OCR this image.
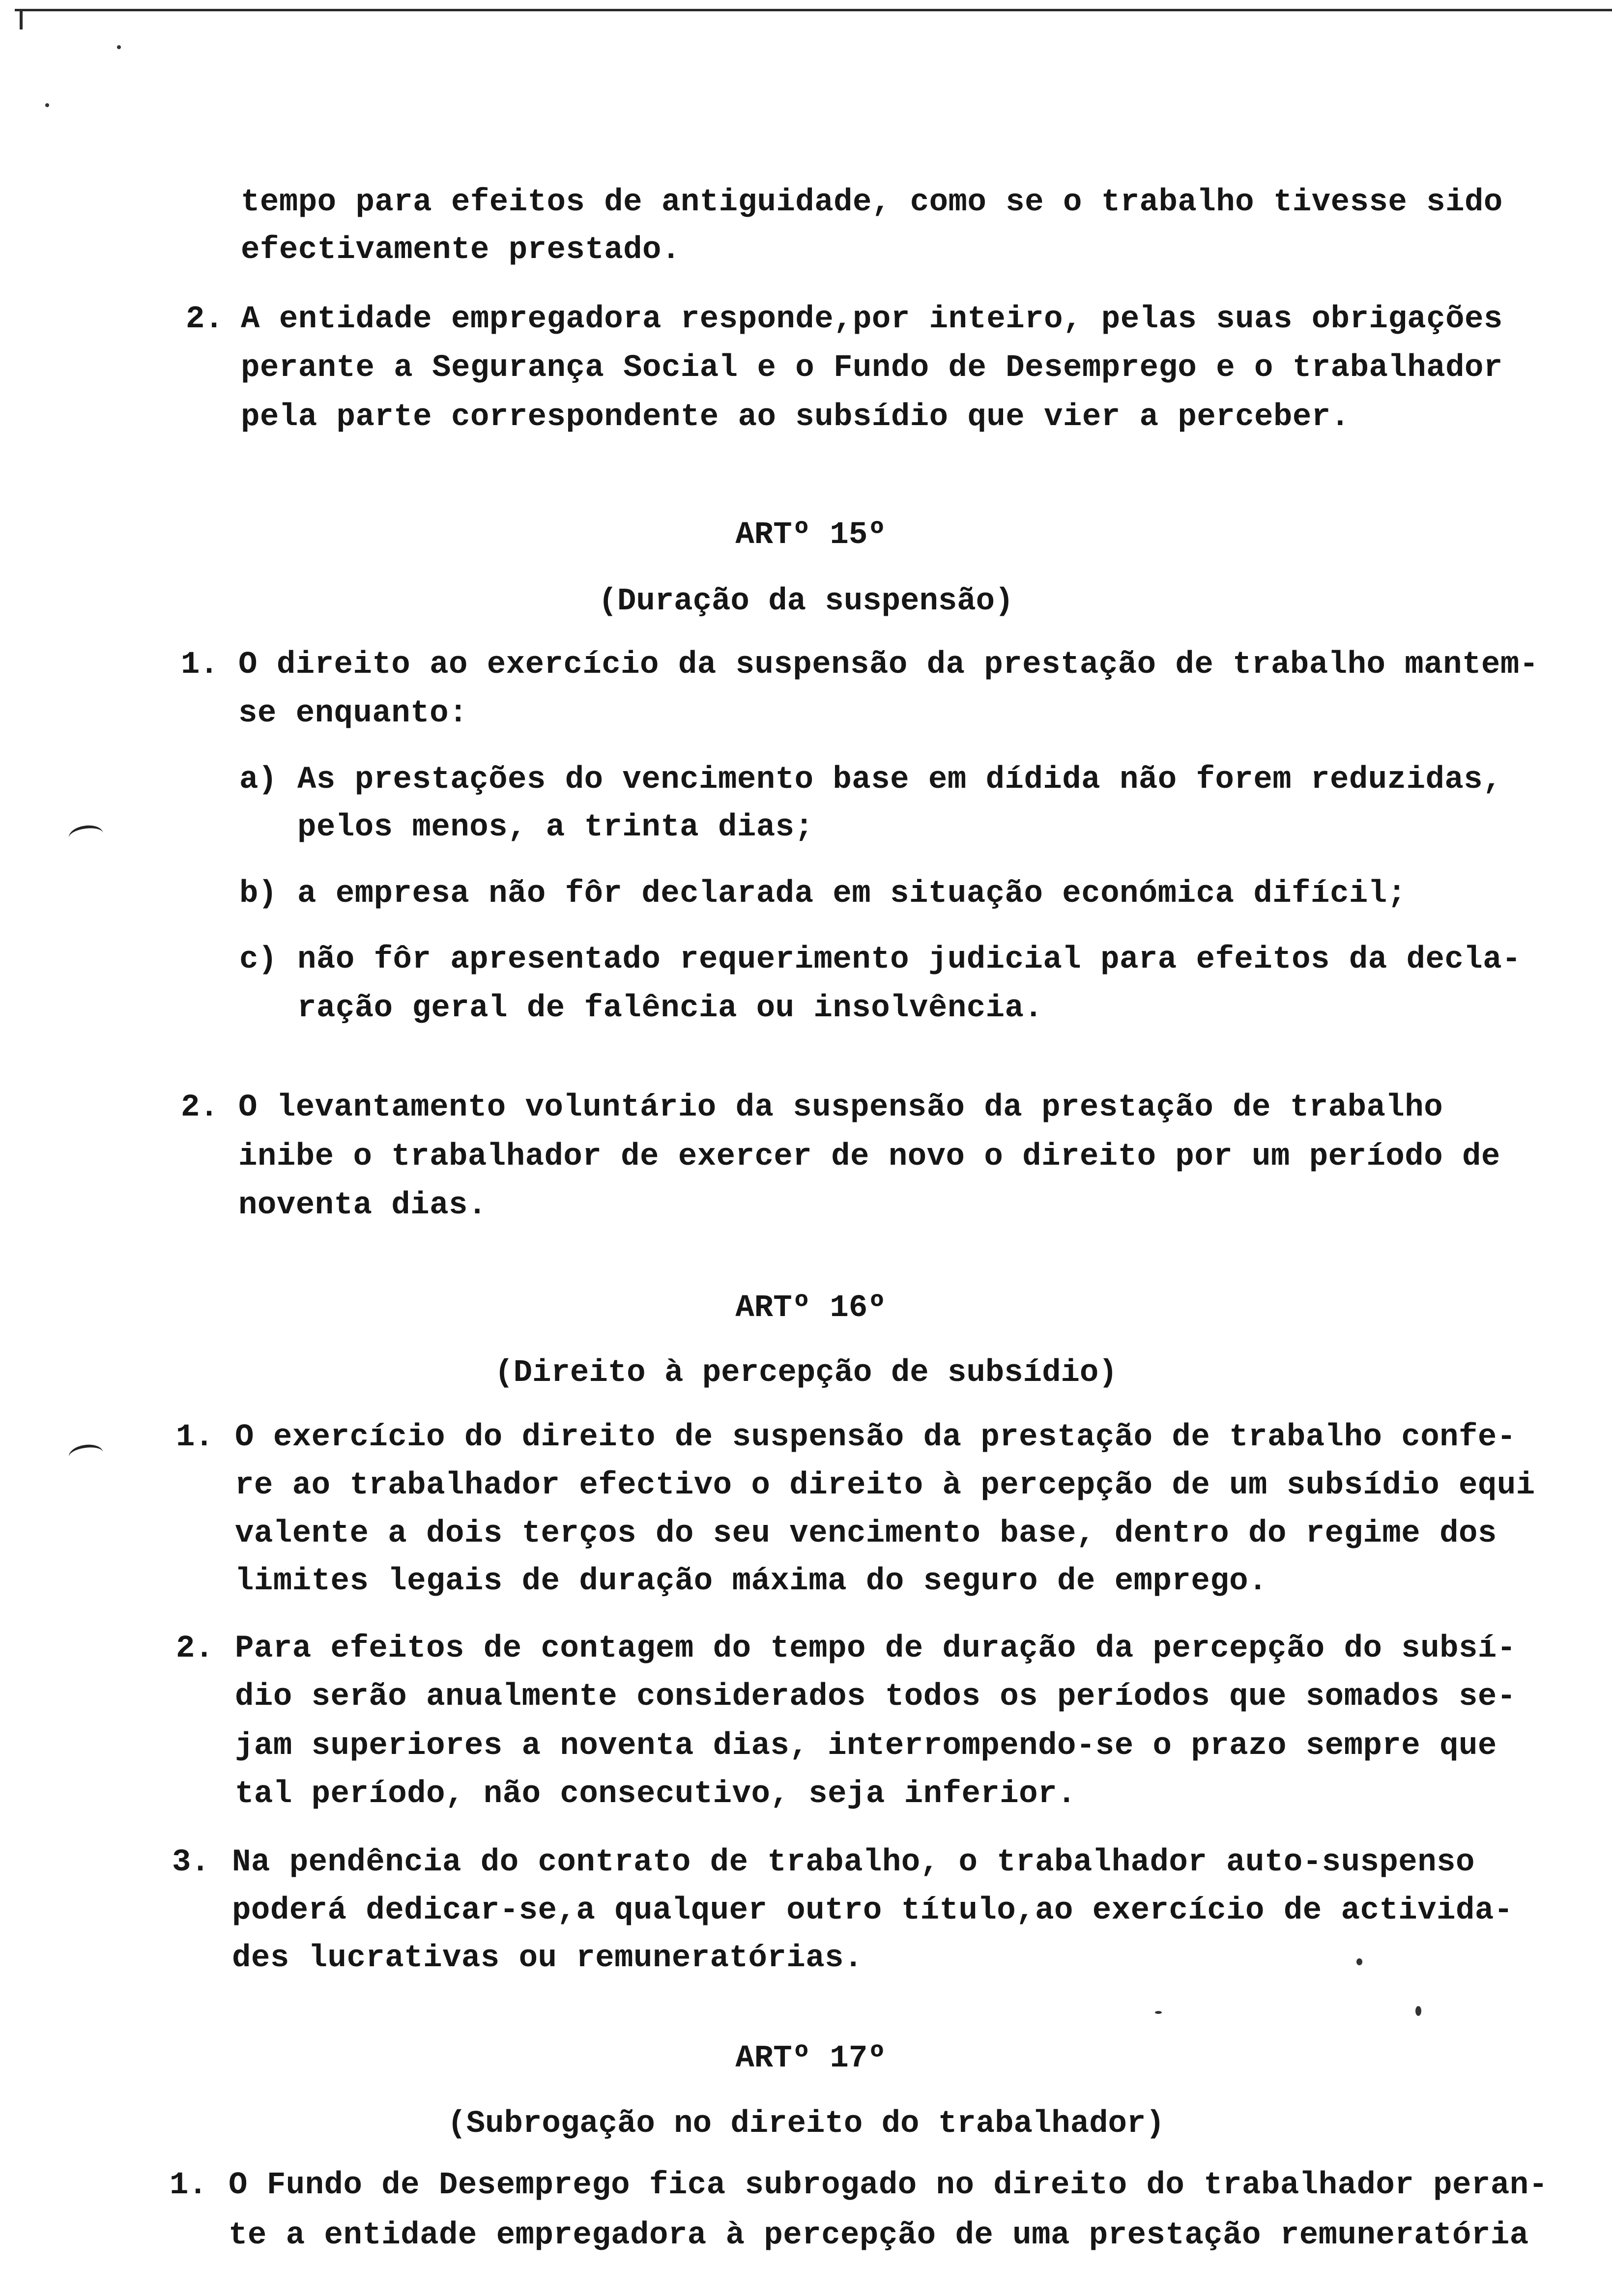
tempo para efeitos de antiguidade, como se o trabalho tivesse sido
efectivamente prestado.
2. A entidade empregadora responde,por inteiro, pelas suas obrigações
perante a Segurança Social e o Fundo de Desemprego e o trabalhador
pela parte correspondente ao subsídio que vier a perceber.
ARTº 15º
(Duração da suspensão)
1. O direito ao exercício da suspensão da prestação de trabalho mantem-
se enquanto:
a) As prestações do vencimento base em dídida não forem reduzidas,
pelos menos, a trinta dias;
b) a empresa não fôr declarada em situação económica difícil;
c) não fôr apresentado requerimento judicial para efeitos da decla-
ração geral de falência ou insolvência.
2. O levantamento voluntário da suspensão da prestação de trabalho
inibe o trabalhador de exercer de novo o direito por um período de
noventa dias.
ARTº 16º
(Direito à percepção de subsídio)
1. O exercício do direito de suspensão da prestação de trabalho confe-
re ao trabalhador efectivo o direito à percepção de um subsídio equi
valente a dois terços do seu vencimento base, dentro do regime dos
limites legais de duração máxima do seguro de emprego.
2. Para efeitos de contagem do tempo de duração da percepção do subsí-
dio serão anualmente considerados todos os períodos que somados se-
jam superiores a noventa dias, interrompendo-se o prazo sempre que
tal período, não consecutivo, seja inferior.
3. Na pendência do contrato de trabalho, o trabalhador auto-suspenso
poderá dedicar-se,a qualquer outro título,ao exercício de activida-
des lucrativas ou remuneratórias.
ARTº 17º
(Subrogação no direito do trabalhador)
1. O Fundo de Desemprego fica subrogado no direito do trabalhador peran-
te a entidade empregadora à percepção de uma prestação remuneratória
